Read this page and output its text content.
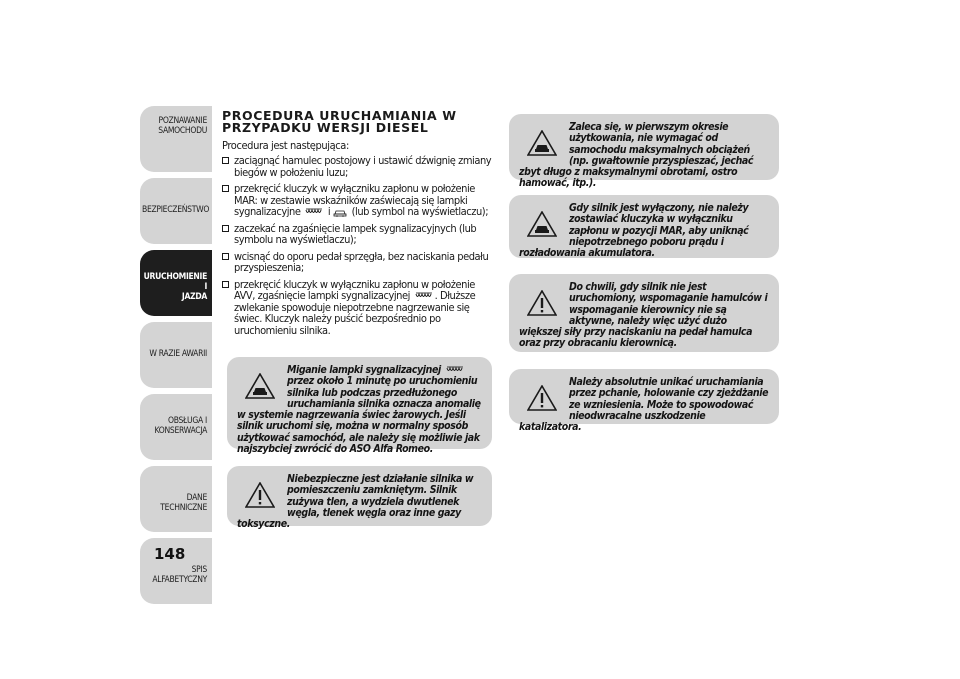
POZNAWANIE
SAMOCHODU
BEZPIECZEŃSTWO
URUCHOMIENIE I
JAZDA
W RAZIE AWARII
OBSŁUGA I
KONSERWACJA
DANE TECHNICZNE
SPIS ALFABETYCZNY
148
PROCEDURA URUCHAMIANIA W
PRZYPADKU WERSJI DIESEL

Procedura jest następująca:

zaciągnąć hamulec postojowy i ustawić dźwignię zmiany biegów w położeniu luzu;
przekręcić kluczyk w wyłączniku zapłonu w położenie MAR: w zestawie wskaźników zaświecają się lampki sygnalizacyjne i (lub symbol na wyświetlaczu);
zaczekać na zgaśnięcie lampek sygnalizacyjnych (lub symbolu na wyświetlaczu);
wcisnąć do oporu pedał sprzęgła, bez naciskania pedału przyspieszenia;
przekręcić kluczyk w wyłączniku zapłonu w położenie AVV, zgaśnięcie lampki sygnalizacyjnej . Dłuższe zwlekanie spowoduje niepotrzebne nagrzewanie się świec. Kluczyk należy puścić bezpośrednio po uruchomieniu silnika.

Miganie lampki sygnalizacyjnej  przez około 1 minutę po uruchomieniu silnika lub podczas przedłużonego uruchamiania silnika oznacza anomalię w systemie nagrzewania świec żarowych. Jeśli silnik uruchomi się, można w normalny sposób użytkować samochód, ale należy się możliwie jak najszybciej zwrócić do ASO Alfa Romeo.

Niebezpieczne jest działanie silnika w pomieszczeniu zamkniętym. Silnik zużywa tlen, a wydziela dwutlenek węgla, tlenek węgla oraz inne gazy toksyczne.

Zaleca się, w pierwszym okresie użytkowania, nie wymagać od samochodu maksymalnych obciążeń (np. gwałtownie przyspieszać, jechać zbyt długo z maksymalnymi obrotami, ostro hamować, itp.).

Gdy silnik jest wyłączony, nie należy zostawiać kluczyka w wyłączniku zapłonu w pozycji MAR, aby uniknąć niepotrzebnego poboru prądu i rozładowania akumulatora.

Do chwili, gdy silnik nie jest uruchomiony, wspomaganie hamulców i wspomaganie kierownicy nie są aktywne, należy więc użyć dużo większej siły przy naciskaniu na pedał hamulca oraz przy obracaniu kierownicą.

Należy absolutnie unikać uruchamiania przez pchanie, holowanie czy zjeżdżanie ze wzniesienia. Może to spowodować nieodwracalne uszkodzenie katalizatora.
